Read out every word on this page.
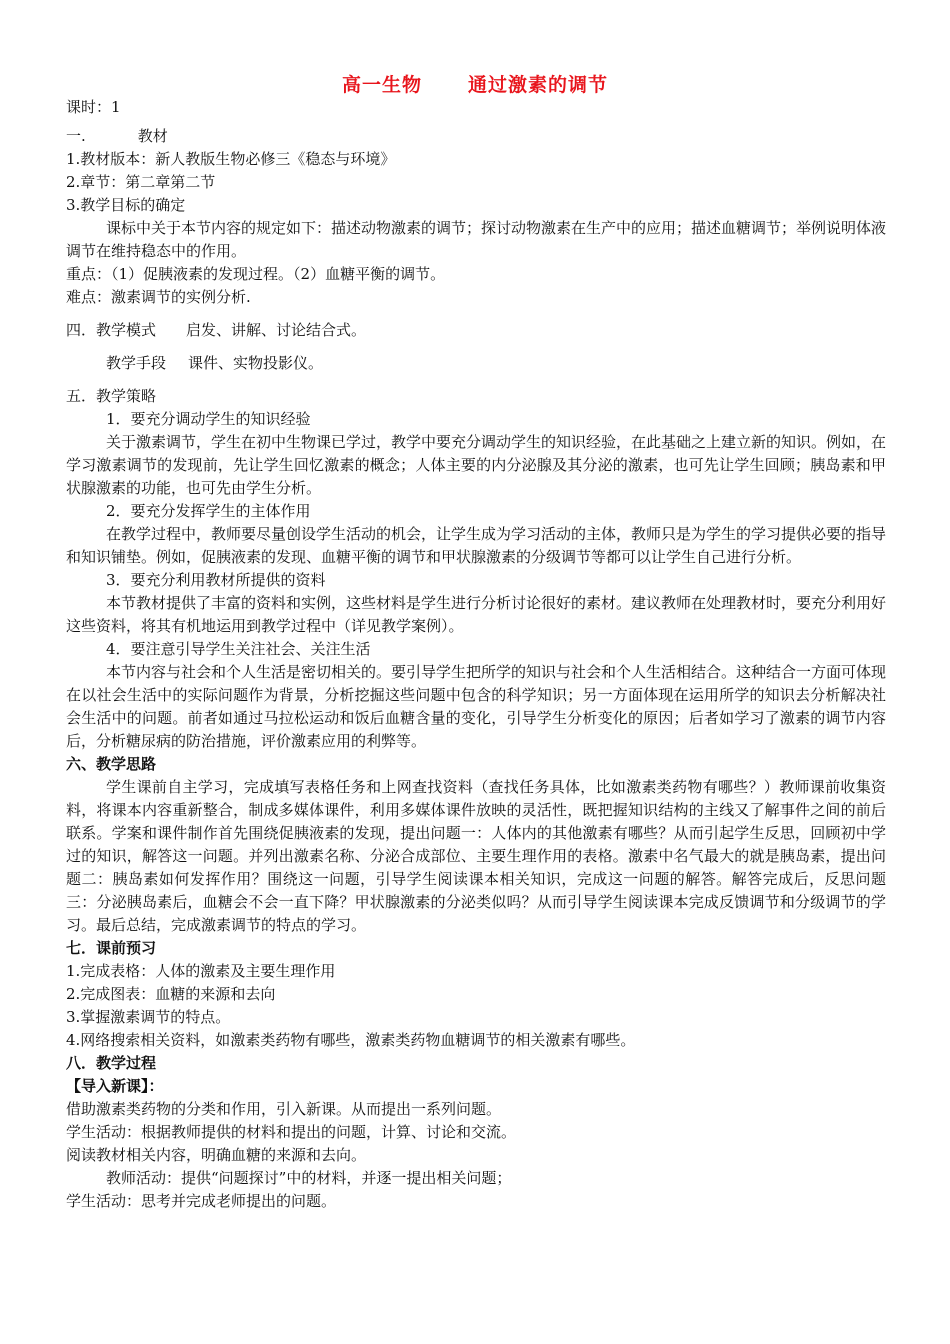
高一生物 通过激素的调节
课时：1
一.	教材
1.教材版本：新人教版生物必修三《稳态与环境》
2.章节：第二章第二节
3.教学目标的确定
课标中关于本节内容的规定如下：描述动物激素的调节；探讨动物激素在生产中的应用；描述血糖调节；举例说明体液调节在维持稳态中的作用。
重点：（1）促胰液素的发现过程。（2）血糖平衡的调节。
难点：激素调节的实例分析.
四．教学模式 启发、讲解、讨论结合式。
教学手段 课件、实物投影仪。
五．教学策略
1．要充分调动学生的知识经验
关于激素调节，学生在初中生物课已学过，教学中要充分调动学生的知识经验，在此基础之上建立新的知识。例如，在学习激素调节的发现前，先让学生回忆激素的概念；人体主要的内分泌腺及其分泌的激素，也可先让学生回顾；胰岛素和甲状腺激素的功能，也可先由学生分析。
2．要充分发挥学生的主体作用
在教学过程中，教师要尽量创设学生活动的机会，让学生成为学习活动的主体，教师只是为学生的学习提供必要的指导和知识铺垫。例如，促胰液素的发现、血糖平衡的调节和甲状腺激素的分级调节等都可以让学生自己进行分析。
3．要充分利用教材所提供的资料
本节教材提供了丰富的资料和实例，这些材料是学生进行分析讨论很好的素材。建议教师在处理教材时，要充分利用好这些资料，将其有机地运用到教学过程中（详见教学案例）。
4．要注意引导学生关注社会、关注生活
本节内容与社会和个人生活是密切相关的。要引导学生把所学的知识与社会和个人生活相结合。这种结合一方面可体现在以社会生活中的实际问题作为背景，分析挖掘这些问题中包含的科学知识；另一方面体现在运用所学的知识去分析解决社会生活中的问题。前者如通过马拉松运动和饭后血糖含量的变化，引导学生分析变化的原因；后者如学习了激素的调节内容后，分析糖尿病的防治措施，评价激素应用的利弊等。
六、教学思路
学生课前自主学习，完成填写表格任务和上网查找资料（查找任务具体，比如激素类药物有哪些？）教师课前收集资料，将课本内容重新整合，制成多媒体课件，利用多媒体课件放映的灵活性，既把握知识结构的主线又了解事件之间的前后联系。学案和课件制作首先围绕促胰液素的发现，提出问题一：人体内的其他激素有哪些？从而引起学生反思，回顾初中学过的知识，解答这一问题。并列出激素名称、分泌合成部位、主要生理作用的表格。激素中名气最大的就是胰岛素，提出问题二：胰岛素如何发挥作用？围绕这一问题，引导学生阅读课本相关知识，完成这一问题的解答。解答完成后，反思问题三：分泌胰岛素后，血糖会不会一直下降？甲状腺激素的分泌类似吗？从而引导学生阅读课本完成反馈调节和分级调节的学习。最后总结，完成激素调节的特点的学习。
七．课前预习
1.完成表格：人体的激素及主要生理作用
2.完成图表：血糖的来源和去向
3.掌握激素调节的特点。
4.网络搜索相关资料，如激素类药物有哪些，激素类药物血糖调节的相关激素有哪些。
八．教学过程
【导入新课】：
借助激素类药物的分类和作用，引入新课。从而提出一系列问题。
学生活动：根据教师提供的材料和提出的问题，计算、讨论和交流。
阅读教材相关内容，明确血糖的来源和去向。
教师活动：提供“问题探讨”中的材料，并逐一提出相关问题；
学生活动：思考并完成老师提出的问题。
